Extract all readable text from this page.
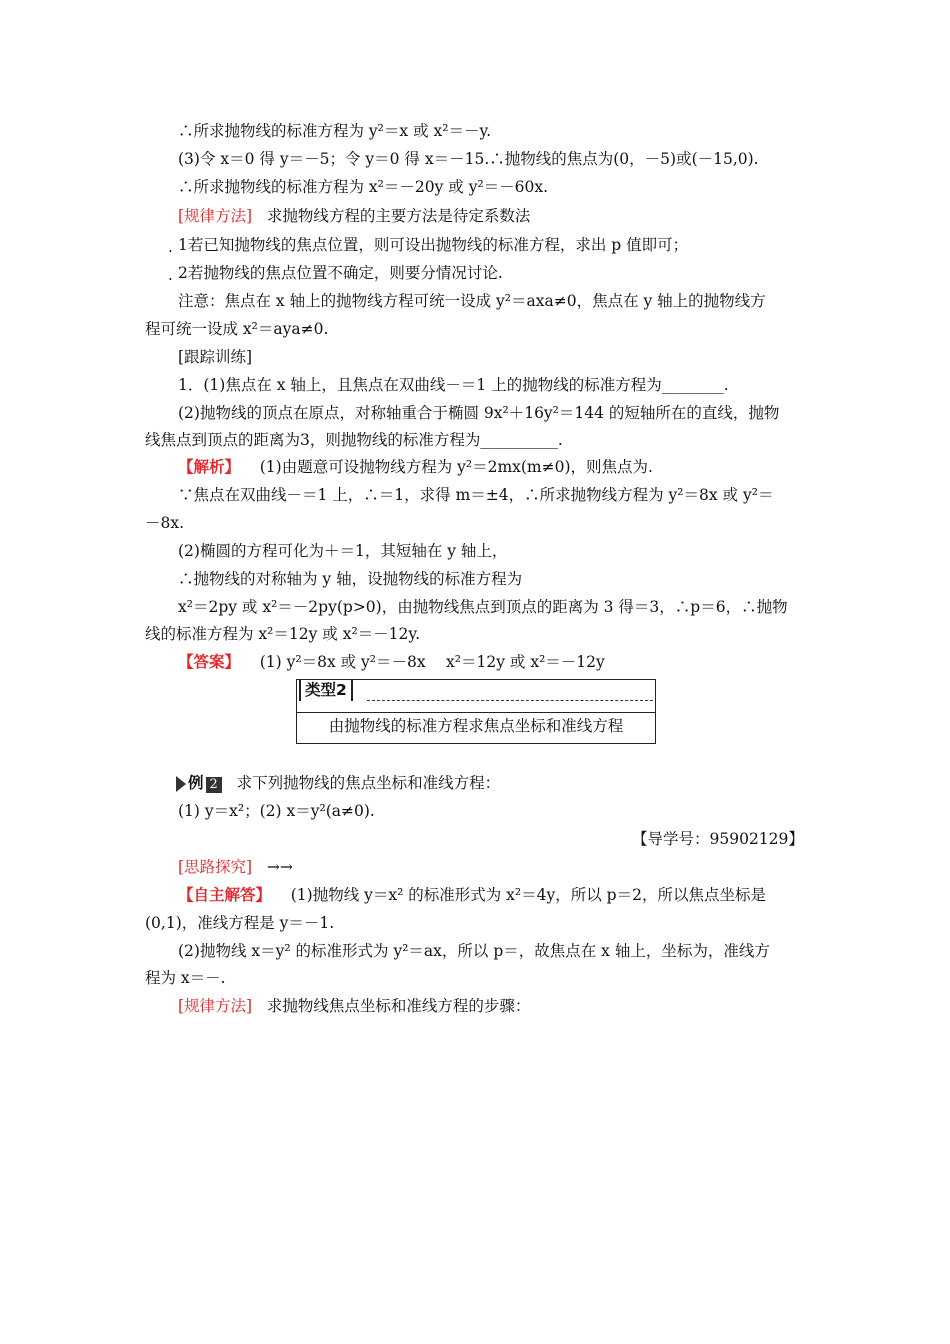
∴所求抛物线的标准方程为 y²＝x 或 x²＝－y.
(3)令 x＝0 得 y＝－5；令 y＝0 得 x＝－15.∴抛物线的焦点为(0，－5)或(－15,0).
∴所求抛物线的标准方程为 x²＝－20y 或 y²＝－60x.
[规律方法] 求抛物线方程的主要方法是待定系数法
. 1若已知抛物线的焦点位置，则可设出抛物线的标准方程，求出 p 值即可；
. 2若抛物线的焦点位置不确定，则要分情况讨论.
注意：焦点在 x 轴上的抛物线方程可统一设成 y²＝axa≠0，焦点在 y 轴上的抛物线方
程可统一设成 x²＝aya≠0.
[跟踪训练]
1．(1)焦点在 x 轴上，且焦点在双曲线－＝1 上的抛物线的标准方程为________.
(2)抛物线的顶点在原点，对称轴重合于椭圆 9x²＋16y²＝144 的短轴所在的直线，抛物
线焦点到顶点的距离为3，则抛物线的标准方程为__________.
【解析】 (1)由题意可设抛物线方程为 y²＝2mx(m≠0)，则焦点为.
∵焦点在双曲线－＝1 上，∴＝1，求得 m＝±4，∴所求抛物线方程为 y²＝8x 或 y²＝
－8x.
(2)椭圆的方程可化为＋＝1，其短轴在 y 轴上，
∴抛物线的对称轴为 y 轴，设抛物线的标准方程为
x²＝2py 或 x²＝－2py(p>0)，由抛物线焦点到顶点的距离为 3 得＝3，∴p＝6，∴抛物
线的标准方程为 x²＝12y 或 x²＝－12y.
【答案】 (1) y²＝8x 或 y²＝－8x　 x²＝12y 或 x²＝－12y
类型2
由抛物线的标准方程求焦点坐标和准线方程
例 2 求下列抛物线的焦点坐标和准线方程：
(1) y＝x²；(2) x＝y²(a≠0).
【导学号：95902129】
[思路探究] →→
【自主解答】 (1)抛物线 y＝x² 的标准形式为 x²＝4y，所以 p＝2，所以焦点坐标是
(0,1)，准线方程是 y＝－1.
(2)抛物线 x＝y² 的标准形式为 y²＝ax，所以 p＝，故焦点在 x 轴上，坐标为，准线方
程为 x＝－.
[规律方法] 求抛物线焦点坐标和准线方程的步骤：
